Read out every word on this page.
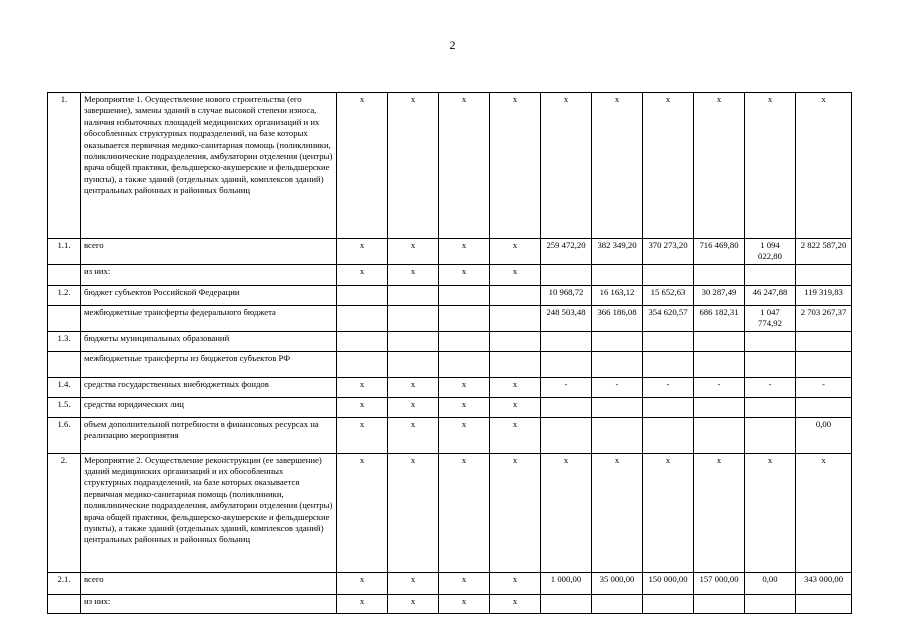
2
1.	Мероприятие 1. Осуществление нового строительства (его завершение), замены зданий в случае высокой степени износа, наличия избыточных площадей медицинских организаций и их обособленных структурных подразделений, на базе которых оказывается первичная медико-санитарная помощь (поликлиники, поликлинические подразделения, амбулатории отделения (центры) врача общей практики, фельдшерско-акушерские и фельдшерские пункты), а также зданий (отдельных зданий, комплексов зданий) центральных районных и районных больниц	х	х	х	х	х	х	х	х	х	х
1.1.	всего	х	х	х	х	259 472,20	382 349,20	370 273,20	716 469,80	1 094 022,80	2 822 587,20
	из них:	х	х	х	х						
1.2.	бюджет субъектов Российской Федерации					10 968,72	16 163,12	15 652,63	30 287,49	46 247,88	119 319,83
	межбюджетные трансферты федерального бюджета					248 503,48	366 186,08	354 620,57	686 182,31	1 047 774,92	2 703 267,37
1.3.	бюджеты муниципальных образований										
	межбюджетные трансферты из бюджетов субъектов РФ										
1.4.	средства государственных внебюджетных фондов	х	х	х	х	-	-	-	-	-	-
1.5.	средства юридических лиц	х	х	х	х						
1.6.	объем дополнительной потребности в финансовых ресурсах на реализацию мероприятия	х	х	х	х						0,00
2.	Мероприятие 2. Осуществление реконструкции (ее завершение) зданий медицинских организаций и их обособленных структурных подразделений, на базе которых оказывается первичная медико-санитарная помощь (поликлиники, поликлинические подразделения, амбулатории отделения (центры) врача общей практики, фельдшерско-акушерские и фельдшерские пункты), а также зданий (отдельных зданий, комплексов зданий) центральных районных и районных больниц	х	х	х	х	х	х	х	х	х	х
2.1.	всего	х	х	х	х	1 000,00	35 000,00	150 000,00	157 000,00	0,00	343 000,00
	из них:	х	х	х	х						
